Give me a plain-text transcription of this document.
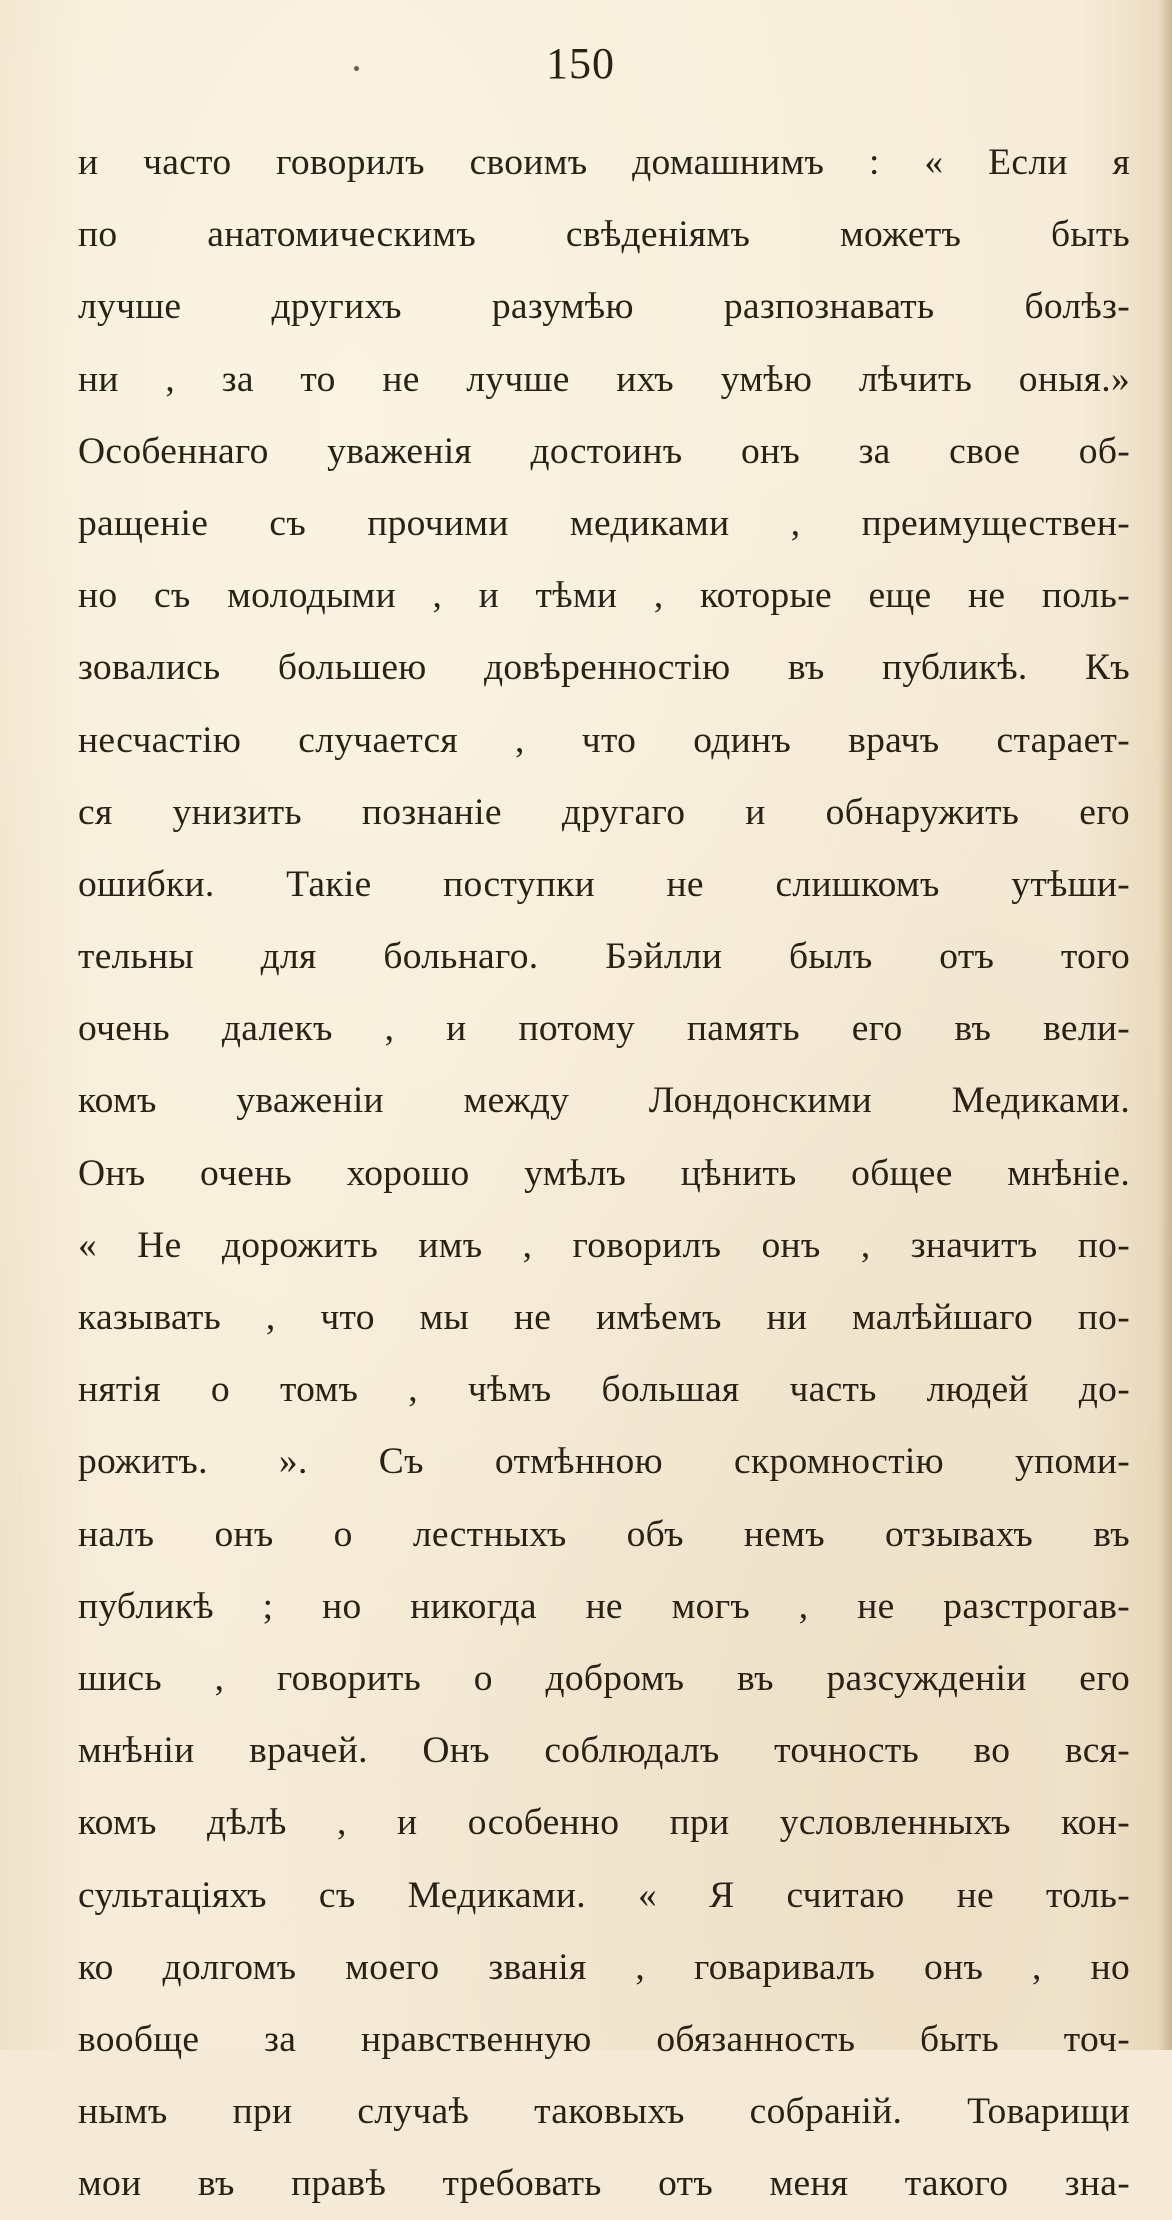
150
и часто говорилъ своимъ домашнимъ : « Если я
по анатомическимъ свѣденіямъ можетъ быть
лучше другихъ разумѣю разпознавать болѣз-
ни , за то не лучше ихъ умѣю лѣчить оныя.»
Особеннаго уваженія достоинъ онъ за свое об-
ращеніе съ прочими медиками , преимуществен-
но съ молодыми , и тѣми , которые еще не поль-
зовались большею довѣренностію въ публикѣ. Къ
несчастію случается , что одинъ врачъ старает-
ся унизить познаніе другаго и обнаружить его
ошибки. Такіе поступки не слишкомъ утѣши-
тельны для больнаго. Бэйлли былъ отъ того
очень далекъ , и потому память его въ вели-
комъ уваженіи между Лондонскими Медиками.
Онъ очень хорошо умѣлъ цѣнить общее мнѣніе.
« Не дорожить имъ , говорилъ онъ , значитъ по-
казывать , что мы не имѣемъ ни малѣйшаго по-
нятія о томъ , чѣмъ большая часть людей до-
рожитъ. ». Съ отмѣнною скромностію упоми-
налъ онъ о лестныхъ объ немъ отзывахъ въ
публикѣ ; но никогда не могъ , не разстрогав-
шись , говорить о добромъ въ разсужденіи его
мнѣніи врачей. Онъ соблюдалъ точность во вся-
комъ дѣлѣ , и особенно при условленныхъ кон-
сультаціяхъ съ Медиками. « Я считаю не толь-
ко долгомъ моего званія , говаривалъ онъ , но
вообще за нравственную обязанность быть точ-
нымъ при случаѣ таковыхъ собраній. Товарищи
мои въ правѣ требовать отъ меня такого зна-
